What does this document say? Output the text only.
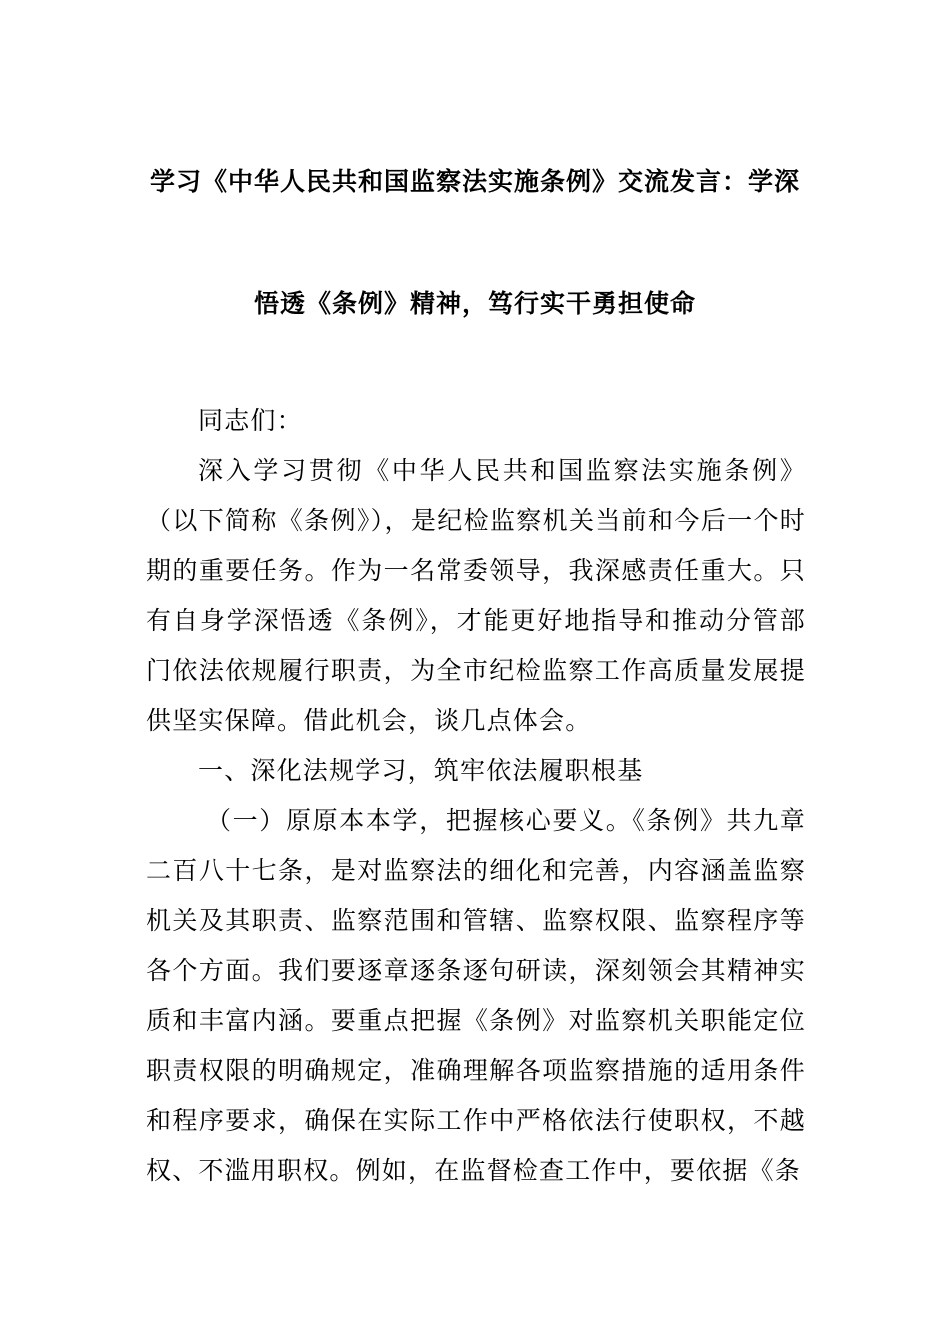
学习《中华人民共和国监察法实施条例》交流发言：学深
悟透《条例》精神，笃行实干勇担使命

同志们：

深入学习贯彻《中华人民共和国监察法实施条例》（以下简称《条例》），是纪检监察机关当前和今后一个时期的重要任务。作为一名常委领导，我深感责任重大。只有自身学深悟透《条例》，才能更好地指导和推动分管部门依法依规履行职责，为全市纪检监察工作高质量发展提供坚实保障。借此机会，谈几点体会。

一、深化法规学习，筑牢依法履职根基

（一）原原本本学，把握核心要义。《条例》共九章二百八十七条，是对监察法的细化和完善，内容涵盖监察机关及其职责、监察范围和管辖、监察权限、监察程序等各个方面。我们要逐章逐条逐句研读，深刻领会其精神实质和丰富内涵。要重点把握《条例》对监察机关职能定位职责权限的明确规定，准确理解各项监察措施的适用条件和程序要求，确保在实际工作中严格依法行使职权，不越权、不滥用职权。例如，在监督检查工作中，要依据《条
